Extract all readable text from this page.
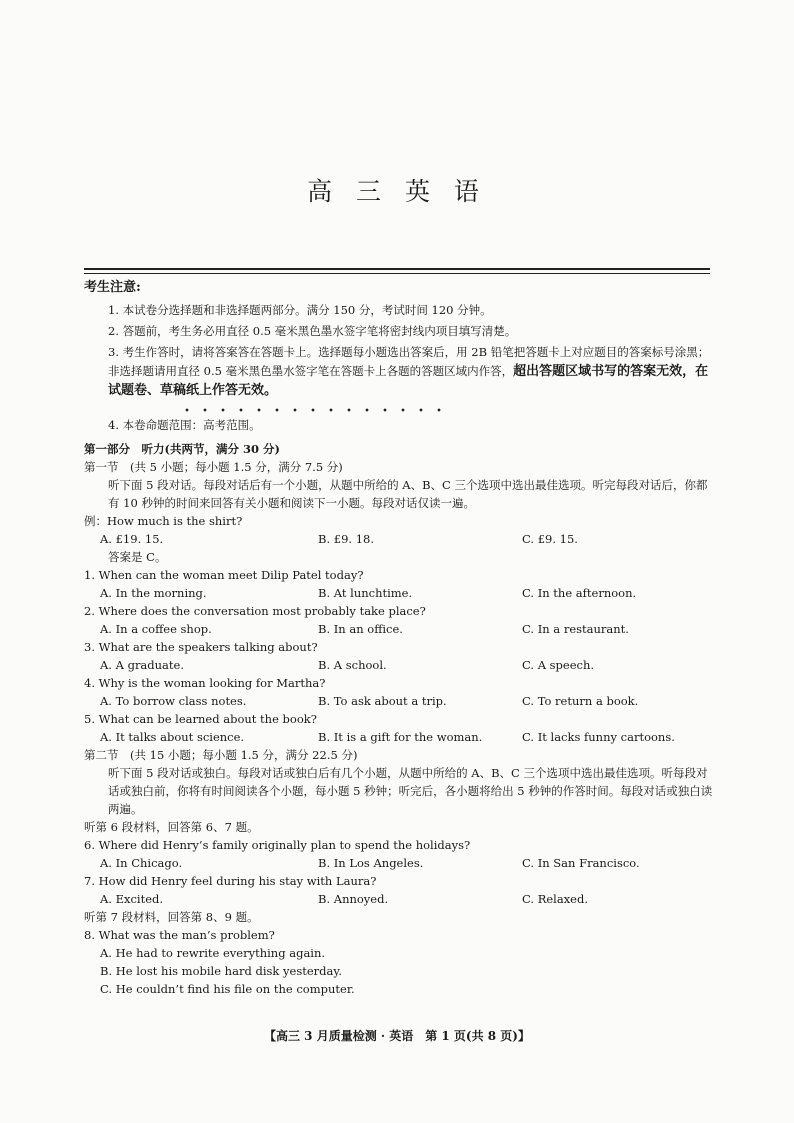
高 三 英 语
考生注意:
1. 本试卷分选择题和非选择题两部分。满分 150 分，考试时间 120 分钟。
2. 答题前，考生务必用直径 0.5 毫米黑色墨水签字笔将密封线内项目填写清楚。
3. 考生作答时，请将答案答在答题卡上。选择题每小题选出答案后，用 2B 铅笔把答题卡上对应题目的答案标号涂黑；非选择题请用直径 0.5 毫米黑色墨水签字笔在答题卡上各题的答题区域内作答，超出答题区域书写的答案无效，在试题卷、草稿纸上作答无效。
4. 本卷命题范围：高考范围。
第一部分　听力(共两节，满分 30 分)
第一节　(共 5 小题；每小题 1.5 分，满分 7.5 分)
听下面 5 段对话。每段对话后有一个小题，从题中所给的 A、B、C 三个选项中选出最佳选项。听完每段对话后，你都有 10 秒钟的时间来回答有关小题和阅读下一小题。每段对话仅读一遍。
例：How much is the shirt?
A. £19. 15.	B. £9. 18.	C. £9. 15.
答案是 C。
1. When can the woman meet Dilip Patel today?
A. In the morning.	B. At lunchtime.	C. In the afternoon.
2. Where does the conversation most probably take place?
A. In a coffee shop.	B. In an office.	C. In a restaurant.
3. What are the speakers talking about?
A. A graduate.	B. A school.	C. A speech.
4. Why is the woman looking for Martha?
A. To borrow class notes.	B. To ask about a trip.	C. To return a book.
5. What can be learned about the book?
A. It talks about science.	B. It is a gift for the woman.	C. It lacks funny cartoons.
第二节　(共 15 小题；每小题 1.5 分，满分 22.5 分)
听下面 5 段对话或独白。每段对话或独白后有几个小题，从题中所给的 A、B、C 三个选项中选出最佳选项。听每段对话或独白前，你将有时间阅读各个小题，每小题 5 秒钟；听完后，各小题将给出 5 秒钟的作答时间。每段对话或独白读两遍。
听第 6 段材料，回答第 6、7 题。
6. Where did Henry’s family originally plan to spend the holidays?
A. In Chicago.	B. In Los Angeles.	C. In San Francisco.
7. How did Henry feel during his stay with Laura?
A. Excited.	B. Annoyed.	C. Relaxed.
听第 7 段材料，回答第 8、9 题。
8. What was the man’s problem?
A. He had to rewrite everything again.
B. He lost his mobile hard disk yesterday.
C. He couldn’t find his file on the computer.
【高三 3 月质量检测 · 英语　第 1 页(共 8 页)】
